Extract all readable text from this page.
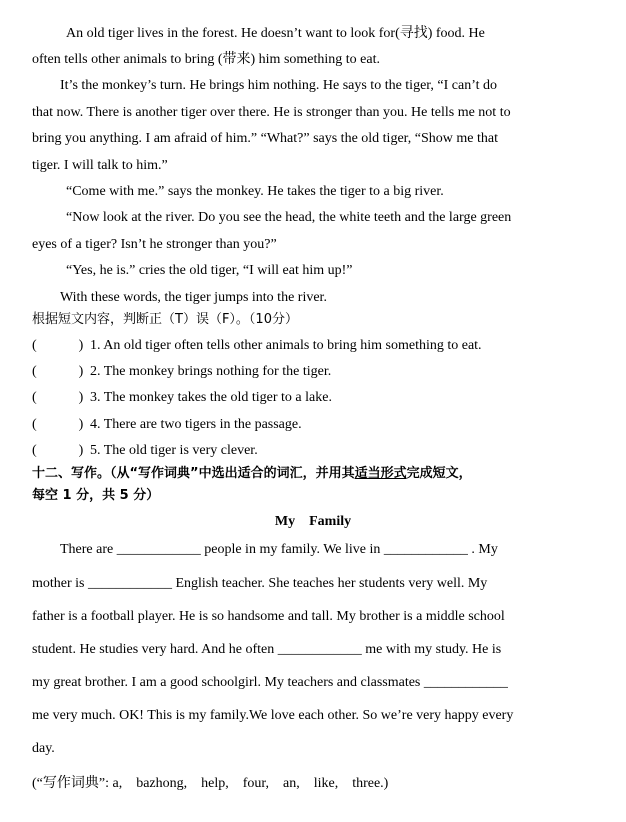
An old tiger lives in the forest. He doesn’t want to look for(寻找) food. He
often tells other animals to bring (带来) him something to eat.
It’s the monkey’s turn. He brings him nothing. He says to the tiger, “I can’t do
that now. There is another tiger over there. He is stronger than you. He tells me not to
bring you anything. I am afraid of him.” “What?” says the old tiger, “Show me that
tiger. I will talk to him.”
“Come with me.” says the monkey. He takes the tiger to a big river.
“Now look at the river. Do you see the head, the white teeth and the large green
eyes of a tiger? Isn’t he stronger than you?”
“Yes, he is.” cries the old tiger, “I will eat him up!”
With these words, the tiger jumps into the river.
根据短文内容，判断正（T）误（F）。（10分）
(	) 1. An old tiger often tells other animals to bring him something to eat.
(	) 2. The monkey brings nothing for the tiger.
(	) 3. The monkey takes the old tiger to a lake.
(	) 4. There are two tigers in the passage.
(	) 5. The old tiger is very clever.
十二、写作。（从“写作词典”中选出适合的词汇，并用其适当形式完成短文，
每空 1 分，共 5 分）
My    Family
There are ____________ people in my family. We live in ____________ . My
mother is ____________ English teacher. She teaches her students very well. My
father is a football player. He is so handsome and tall. My brother is a middle school
student. He studies very hard. And he often ____________ me with my study. He is
my great brother. I am a good schoolgirl. My teachers and classmates ____________
me very much. OK! This is my family.We love each other. So we’re very happy every
day.
(“写作词典”: a,    bazhong,    help,    four,    an,    like,    three.)
